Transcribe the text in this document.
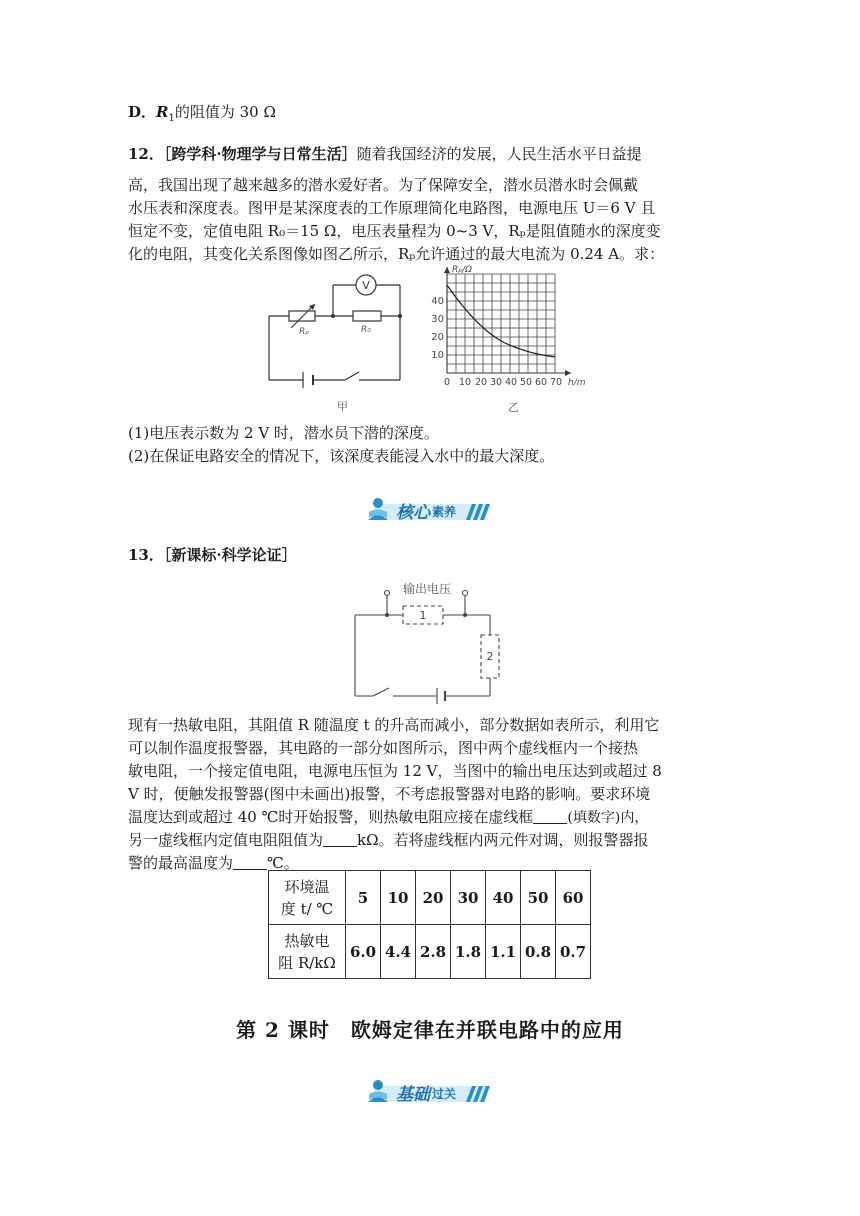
D．$R_1$的阻值为 30 Ω
12．［跨学科·物理学与日常生活］随着我国经济的发展，人民生活水平日益提
高，我国出现了越来越多的潜水爱好者。为了保障安全，潜水员潜水时会佩戴
水压表和深度表。图甲是某深度表的工作原理简化电路图，电源电压 U＝6 V 且
恒定不变，定值电阻 R₀＝15 Ω，电压表量程为 0~3 V，Rₚ是阻值随水的深度变
化的电阻，其变化关系图像如图乙所示，Rₚ允许通过的最大电流为 0.24 A。求：
V
Rₚ	R₀
甲
Rₚ/Ω
h/m
10
20
30
40
0 10 20 30 40 50 60 70
乙
(1)电压表示数为 2 V 时，潜水员下潜的深度。
(2)在保证电路安全的情况下，该深度表能浸入水中的最大深度。
核心 素养
13．［新课标·科学论证］
输出电压
1
2
现有一热敏电阻，其阻值 R 随温度 t 的升高而减小，部分数据如表所示，利用它
可以制作温度报警器，其电路的一部分如图所示，图中两个虚线框内一个接热
敏电阻，一个接定值电阻，电源电压恒为 12 V，当图中的输出电压达到或超过 8
V 时，便触发报警器(图中未画出)报警，不考虑报警器对电路的影响。要求环境
温度达到或超过 40 ℃时开始报警，则热敏电阻应接在虚线框 (填数字)内，
另一虚线框内定值电阻阻值为 kΩ。若将虚线框内两元件对调，则报警器报
警的最高温度为 ℃。
环境温
度 t/ ℃	5	10	20	30	40	50	60

热敏电
阻 R/kΩ	6.0	4.4	2.8	1.8	1.1	0.8	0.7
第 2 课时　欧姆定律在并联电路中的应用
基础 过关
